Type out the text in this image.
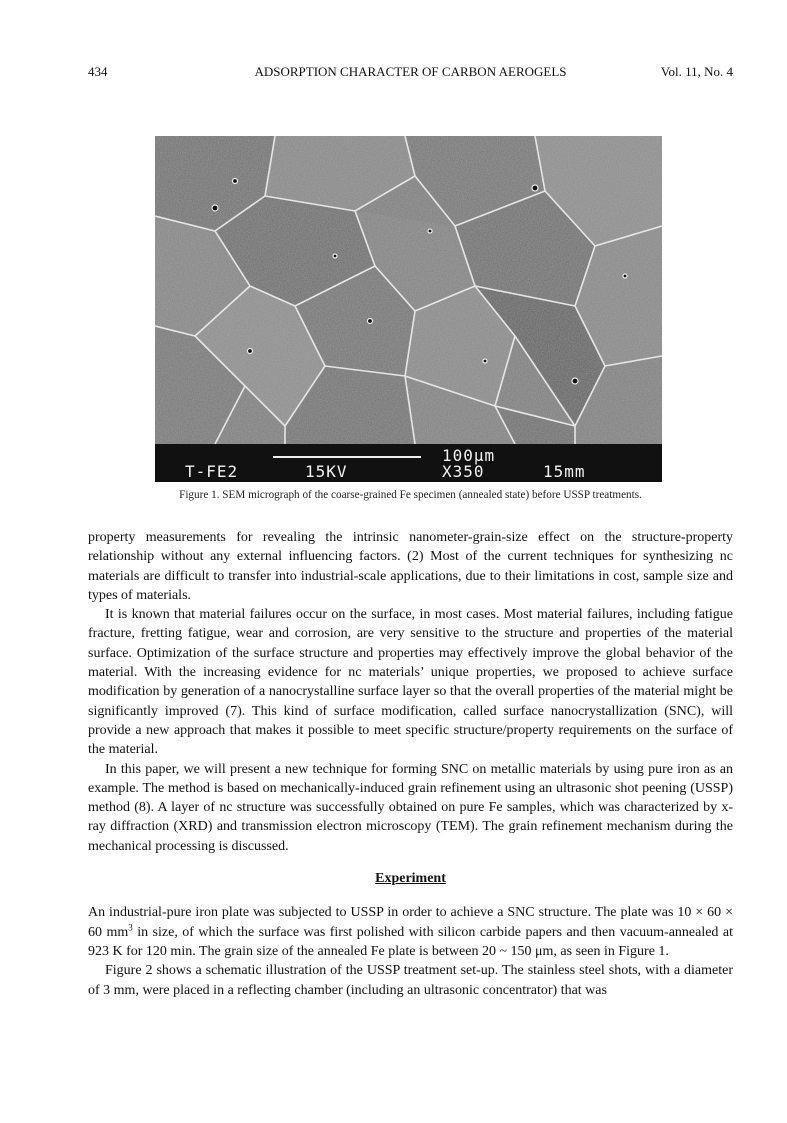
434	ADSORPTION CHARACTER OF CARBON AEROGELS	Vol. 11, No. 4
100μm
T-FE2	15KV	X350	15mm
Figure 1. SEM micrograph of the coarse-grained Fe specimen (annealed state) before USSP treatments.

property measurements for revealing the intrinsic nanometer-grain-size effect on the structure-property relationship without any external influencing factors. (2) Most of the current techniques for synthesizing nc materials are difficult to transfer into industrial-scale applications, due to their limitations in cost, sample size and types of materials.

It is known that material failures occur on the surface, in most cases. Most material failures, including fatigue fracture, fretting fatigue, wear and corrosion, are very sensitive to the structure and properties of the material surface. Optimization of the surface structure and properties may effectively improve the global behavior of the material. With the increasing evidence for nc materials’ unique properties, we proposed to achieve surface modification by generation of a nanocrystalline surface layer so that the overall properties of the material might be significantly improved (7). This kind of surface modification, called surface nanocrystallization (SNC), will provide a new approach that makes it possible to meet specific structure/property requirements on the surface of the material.

In this paper, we will present a new technique for forming SNC on metallic materials by using pure iron as an example. The method is based on mechanically-induced grain refinement using an ultrasonic shot peening (USSP) method (8). A layer of nc structure was successfully obtained on pure Fe samples, which was characterized by x-ray diffraction (XRD) and transmission electron microscopy (TEM). The grain refinement mechanism during the mechanical processing is discussed.

Experiment

An industrial-pure iron plate was subjected to USSP in order to achieve a SNC structure. The plate was 10 × 60 × 60 $mm^3$ in size, of which the surface was first polished with silicon carbide papers and then vacuum-annealed at 923 K for 120 min. The grain size of the annealed Fe plate is between 20 ~ 150 μm, as seen in Figure 1.

Figure 2 shows a schematic illustration of the USSP treatment set-up. The stainless steel shots, with a diameter of 3 mm, were placed in a reflecting chamber (including an ultrasonic concentrator) that was
